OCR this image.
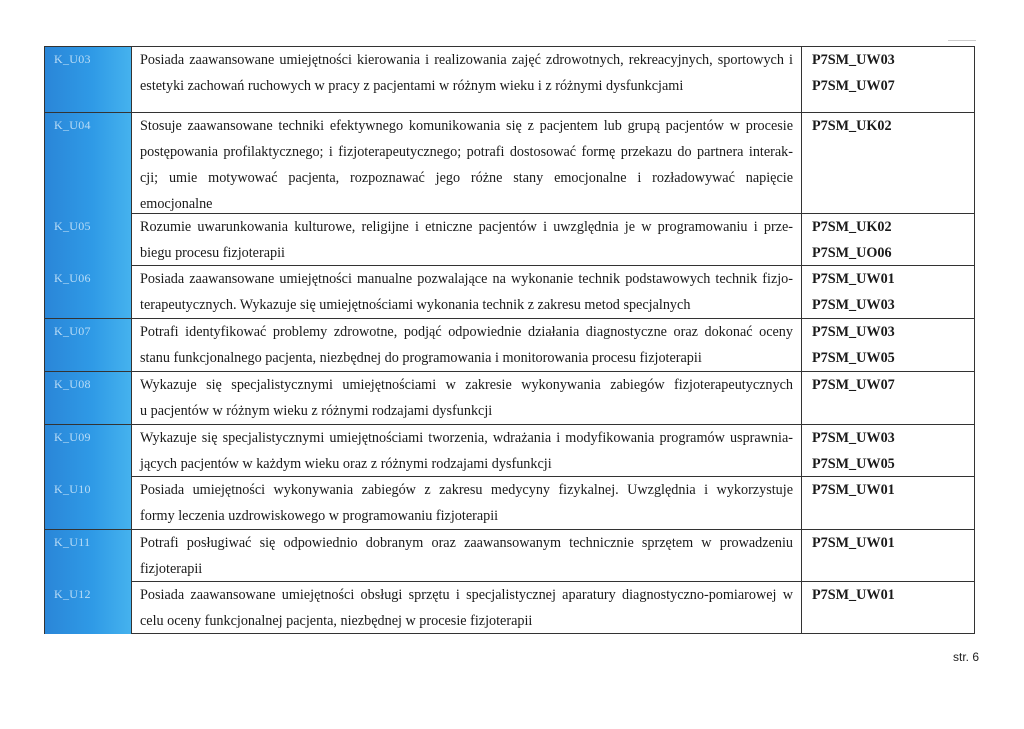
K_U03	Posiada zaawansowane umiejętności kierowania i realizowania zajęć zdrowotnych, rekreacyjnych, sportowych i
estetyki zachowań ruchowych w pracy z pacjentami w różnym wieku i z różnymi dysfunkcjami
P7SM_UW03
P7SM_UW07
K_U04	Stosuje zaawansowane techniki efektywnego komunikowania się z pacjentem lub grupą pacjentów w procesie
postępowania profilaktycznego; i fizjoterapeutycznego; potrafi dostosować formę przekazu do partnera interak-
cji; umie motywować pacjenta, rozpoznawać jego różne stany emocjonalne i rozładowywać napięcie
emocjonalne
P7SM_UK02
K_U05	Rozumie uwarunkowania kulturowe, religijne i etniczne pacjentów i uwzględnia je w programowaniu i prze-
biegu procesu fizjoterapii
P7SM_UK02
P7SM_UO06
K_U06	Posiada zaawansowane umiejętności manualne pozwalające na wykonanie technik podstawowych technik fizjo-
terapeutycznych. Wykazuje się umiejętnościami wykonania technik z zakresu metod specjalnych
P7SM_UW01
P7SM_UW03
K_U07	Potrafi identyfikować problemy zdrowotne, podjąć odpowiednie działania diagnostyczne oraz dokonać oceny
stanu funkcjonalnego pacjenta, niezbędnej do programowania i monitorowania procesu fizjoterapii
P7SM_UW03
P7SM_UW05
K_U08	Wykazuje się specjalistycznymi umiejętnościami w zakresie wykonywania zabiegów fizjoterapeutycznych
u pacjentów w różnym wieku z różnymi rodzajami dysfunkcji
P7SM_UW07
K_U09	Wykazuje się specjalistycznymi umiejętnościami tworzenia, wdrażania i modyfikowania programów usprawnia-
jących pacjentów w każdym wieku oraz z różnymi rodzajami dysfunkcji
P7SM_UW03
P7SM_UW05
K_U10	Posiada umiejętności wykonywania zabiegów z zakresu medycyny fizykalnej. Uwzględnia i wykorzystuje
formy leczenia uzdrowiskowego w programowaniu fizjoterapii
P7SM_UW01
K_U11	Potrafi posługiwać się odpowiednio dobranym oraz zaawansowanym technicznie sprzętem w prowadzeniu
fizjoterapii
P7SM_UW01
K_U12	Posiada zaawansowane umiejętności obsługi sprzętu i specjalistycznej aparatury diagnostyczno-pomiarowej w
celu oceny funkcjonalnej pacjenta, niezbędnej w procesie fizjoterapii
P7SM_UW01
str. 6
